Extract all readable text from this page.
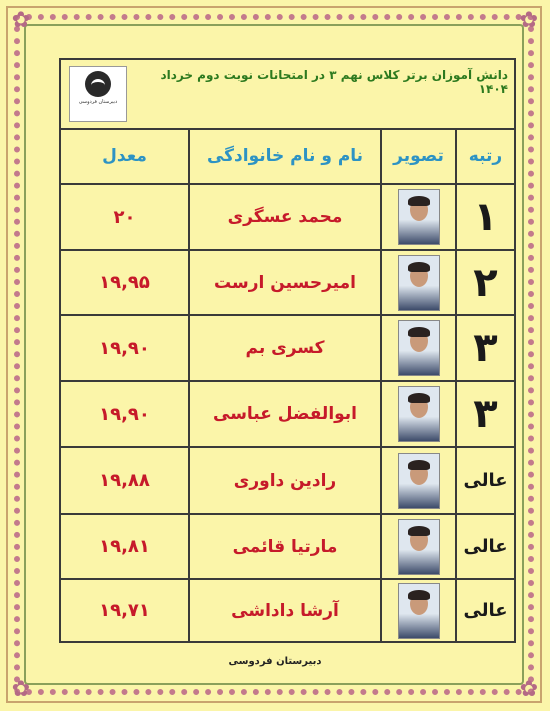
✿	✿
✿	✿
دبیرستان فردوسی
دانش آموزان برتر کلاس نهم ۳ در امتحانات نوبت دوم خرداد ۱۴۰۴
رتبه
تصویر
نام و نام خانوادگی
معدل
۱
محمد عسگری
۲۰
۲
امیرحسین ارست
۱۹,۹۵
۳
کسری بم
۱۹,۹۰
۳
ابوالفضل عباسی
۱۹,۹۰
عالی
رادین داوری
۱۹,۸۸
عالی
مارتیا قائمی
۱۹,۸۱
عالی
آرشا داداشی
۱۹,۷۱
دبیرستان فردوسی
